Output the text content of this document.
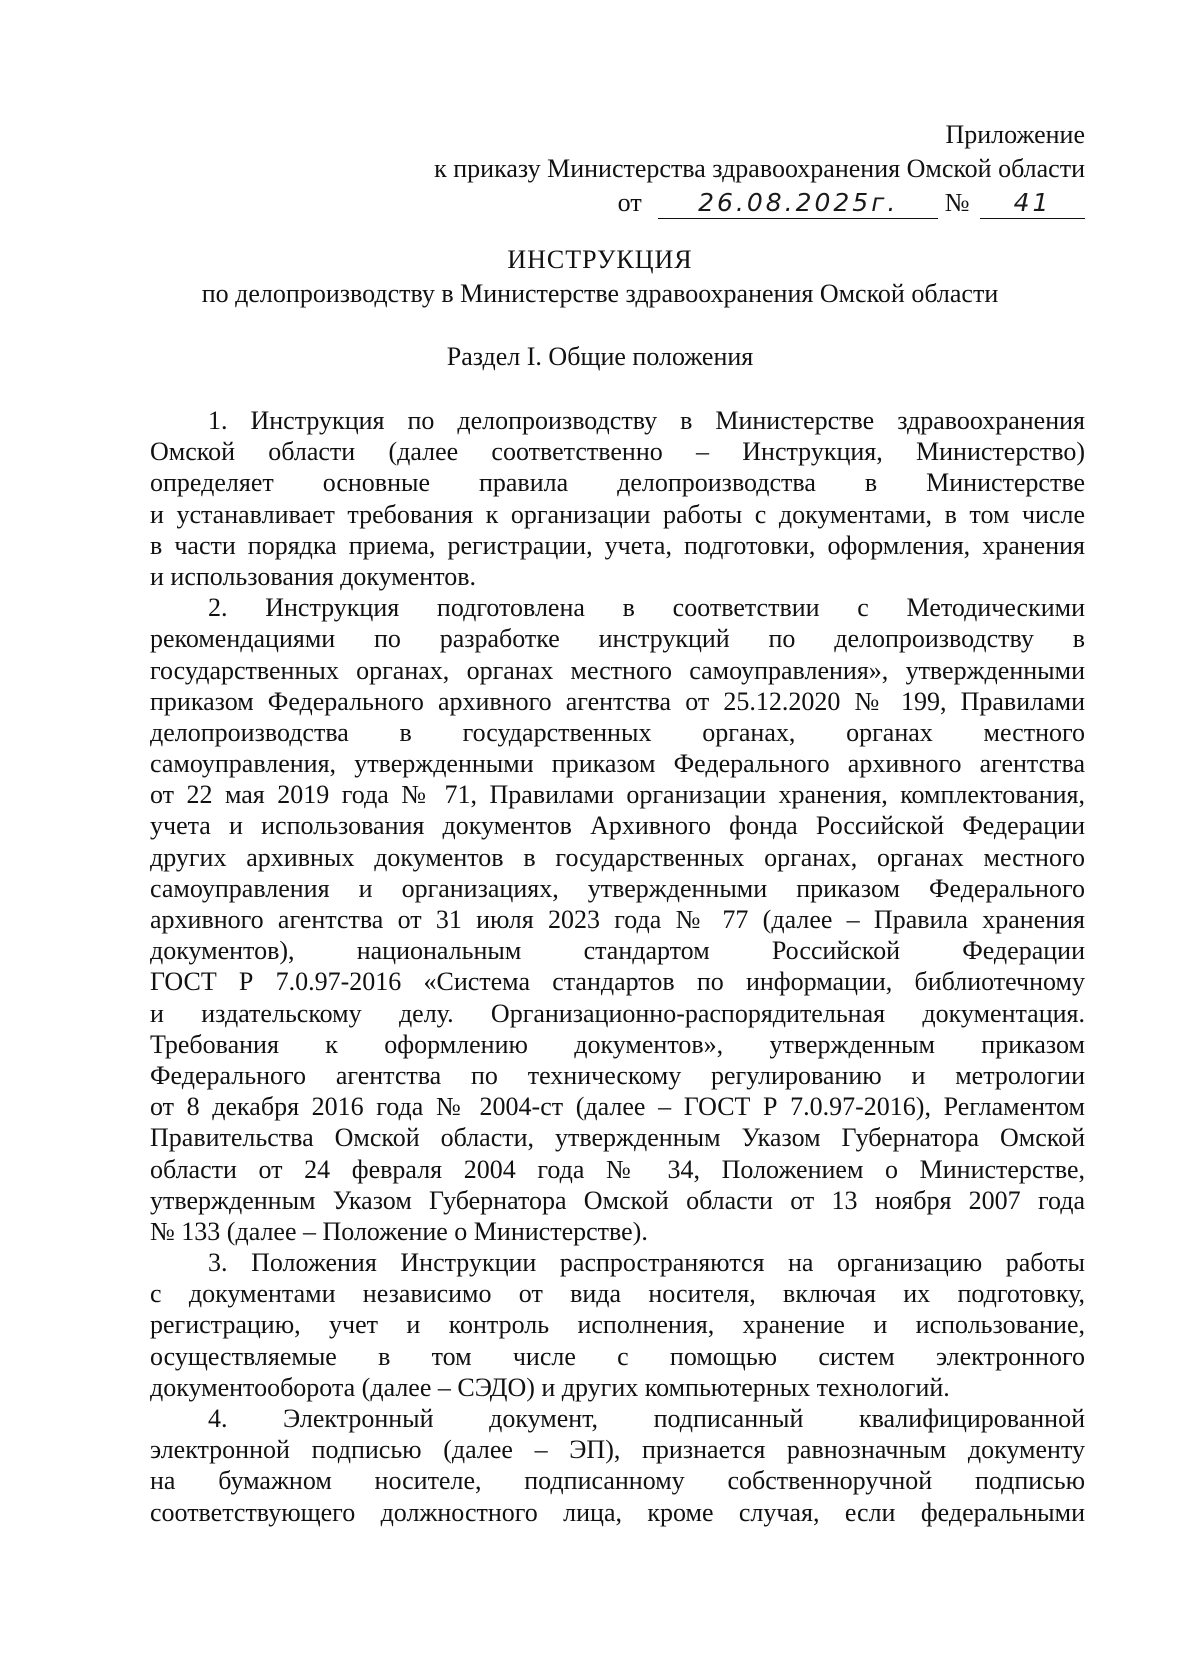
Приложение
к приказу Министерства здравоохранения Омской области
от 26.08.2025г. № 41
ИНСТРУКЦИЯ
по делопроизводству в Министерстве здравоохранения Омской области
Раздел I. Общие положения
1. Инструкция по делопроизводству в Министерстве здравоохранения
Омской области (далее соответственно – Инструкция, Министерство)
определяет основные правила делопроизводства в Министерстве
и устанавливает требования к организации работы с документами, в том числе
в части порядка приема, регистрации, учета, подготовки, оформления, хранения
и использования документов.
2. Инструкция подготовлена в соответствии с Методическими
рекомендациями по разработке инструкций по делопроизводству в
государственных органах, органах местного самоуправления», утвержденными
приказом Федерального архивного агентства от 25.12.2020 № 199, Правилами
делопроизводства в государственных органах, органах местного
самоуправления, утвержденными приказом Федерального архивного агентства
от 22 мая 2019 года № 71, Правилами организации хранения, комплектования,
учета и использования документов Архивного фонда Российской Федерации
других архивных документов в государственных органах, органах местного
самоуправления и организациях, утвержденными приказом Федерального
архивного агентства от 31 июля 2023 года № 77 (далее – Правила хранения
документов), национальным стандартом Российской Федерации
ГОСТ Р 7.0.97-2016 «Система стандартов по информации, библиотечному
и издательскому делу. Организационно-распорядительная документация.
Требования к оформлению документов», утвержденным приказом
Федерального агентства по техническому регулированию и метрологии
от 8 декабря 2016 года № 2004-ст (далее – ГОСТ Р 7.0.97-2016), Регламентом
Правительства Омской области, утвержденным Указом Губернатора Омской
области от 24 февраля 2004 года № 34, Положением о Министерстве,
утвержденным Указом Губернатора Омской области от 13 ноября 2007 года
№ 133 (далее – Положение о Министерстве).
3. Положения Инструкции распространяются на организацию работы
с документами независимо от вида носителя, включая их подготовку,
регистрацию, учет и контроль исполнения, хранение и использование,
осуществляемые в том числе с помощью систем электронного
документооборота (далее – СЭДО) и других компьютерных технологий.
4. Электронный документ, подписанный квалифицированной
электронной подписью (далее – ЭП), признается равнозначным документу
на бумажном носителе, подписанному собственноручной подписью
соответствующего должностного лица, кроме случая, если федеральными
